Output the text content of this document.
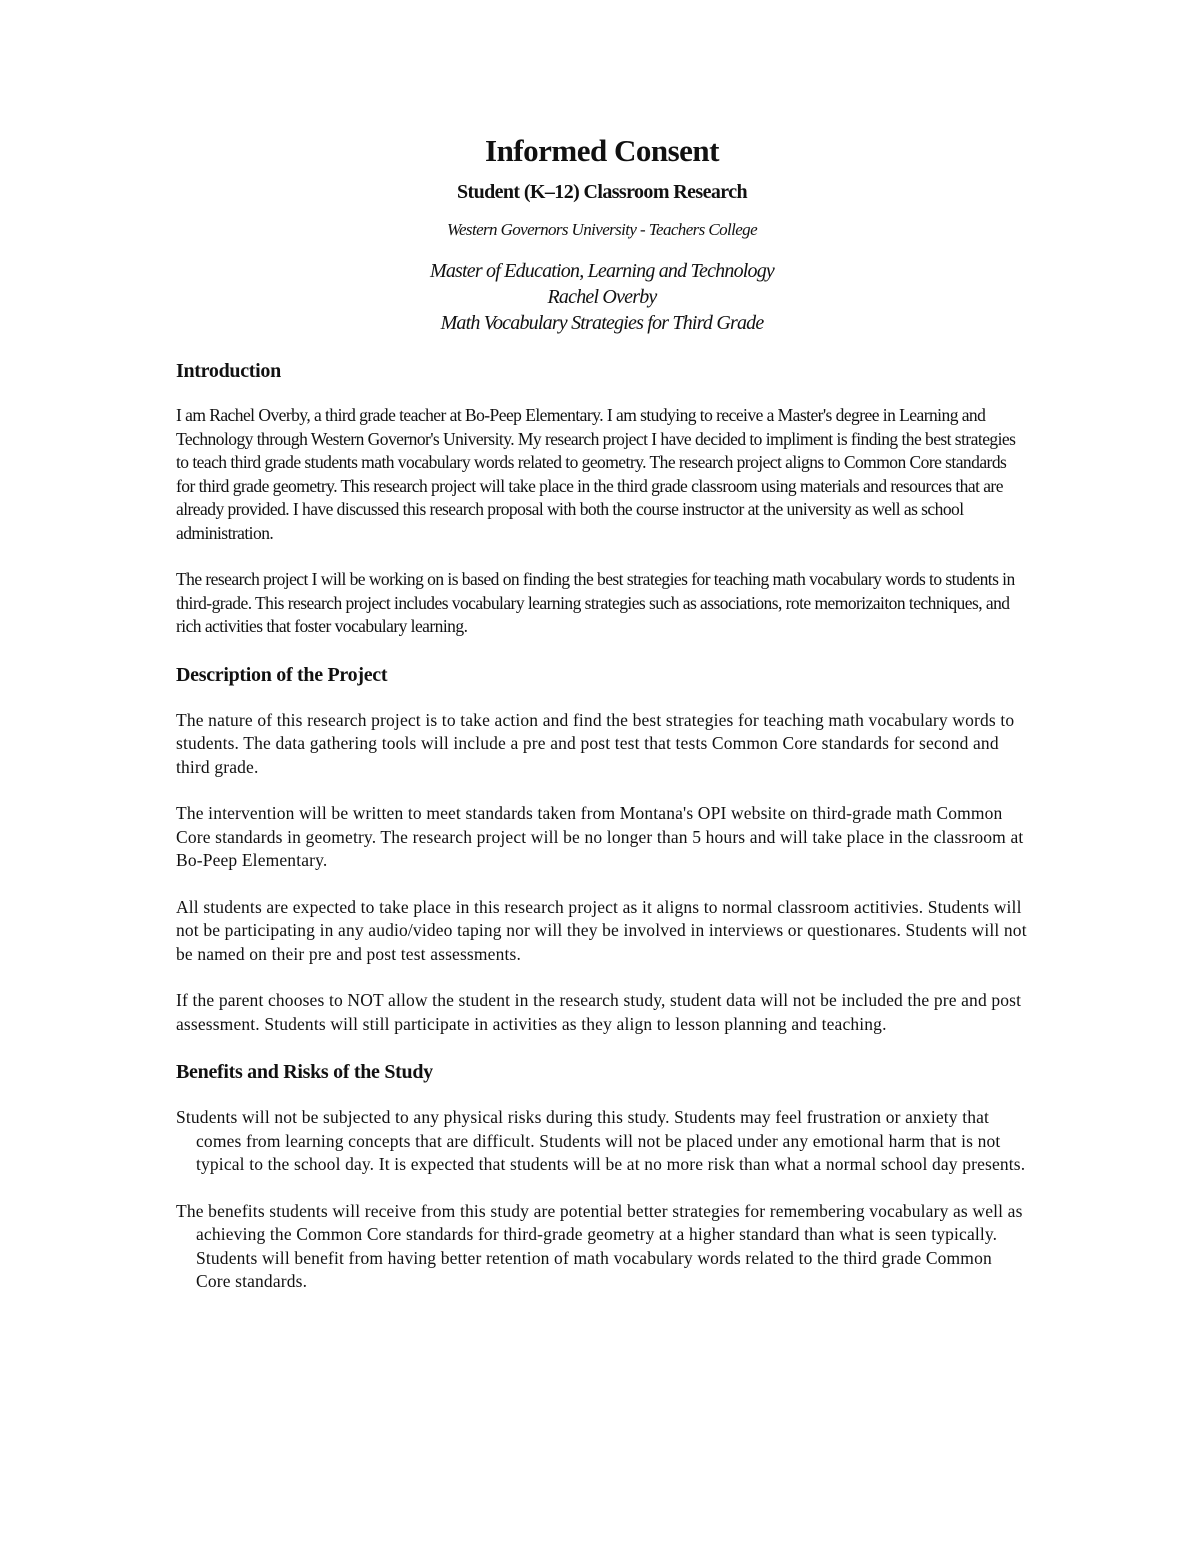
Informed Consent
Student (K–12) Classroom Research

Western Governors University - Teachers College

Master of Education, Learning and Technology
Rachel Overby
Math Vocabulary Strategies for Third Grade
Introduction

I am Rachel Overby, a third grade teacher at Bo-Peep Elementary. I am studying to receive a Master's degree in Learning and Technology through Western Governor's University. My research project I have decided to impliment is finding the best strategies to teach third grade students math vocabulary words related to geometry. The research project aligns to Common Core standards for third grade geometry. This research project will take place in the third grade classroom using materials and resources that are already provided. I have discussed this research proposal with both the course instructor at the university as well as school administration.

The research project I will be working on is based on finding the best strategies for teaching math vocabulary words to students in third-grade. This research project includes vocabulary learning strategies such as associations, rote memorizaiton techniques, and rich activities that foster vocabulary learning.

Description of the Project

The nature of this research project is to take action and find the best strategies for teaching math vocabulary words to students. The data gathering tools will include a pre and post test that tests Common Core standards for second and third grade.

The intervention will be written to meet standards taken from Montana's OPI website on third-grade math Common Core standards in geometry. The research project will be no longer than 5 hours and will take place in the classroom at Bo-Peep Elementary.

All students are expected to take place in this research project as it aligns to normal classroom actitivies. Students will not be participating in any audio/video taping nor will they be involved in interviews or questionares. Students will not be named on their pre and post test assessments.

If the parent chooses to NOT allow the student in the research study, student data will not be included the pre and post assessment. Students will still participate in activities as they align to lesson planning and teaching.

Benefits and Risks of the Study

Students will not be subjected to any physical risks during this study. Students may feel frustration or anxiety that comes from learning concepts that are difficult. Students will not be placed under any emotional harm that is not typical to the school day. It is expected that students will be at no more risk than what a normal school day presents.

The benefits students will receive from this study are potential better strategies for remembering vocabulary as well as achieving the Common Core standards for third-grade geometry at a higher standard than what is seen typically. Students will benefit from having better retention of math vocabulary words related to the third grade Common Core standards.
